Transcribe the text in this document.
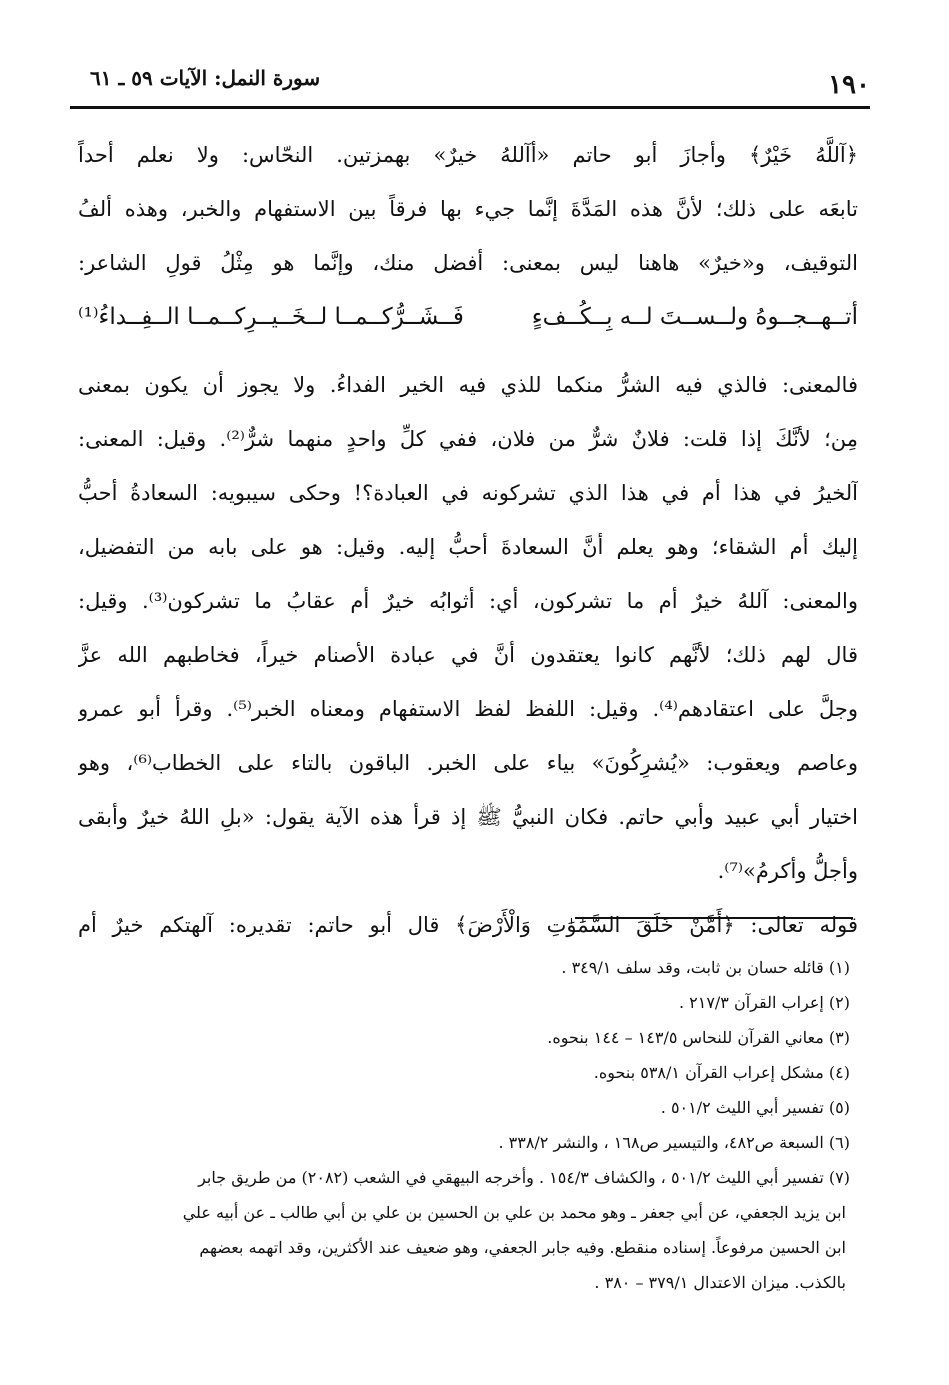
١٩٠
سورة النمل: الآيات ٥٩ ـ ٦١
﴿آللَّهُ خَيْرٌ﴾ وأجازَ أبو حاتم «أآللهُ خيرٌ» بهمزتين. النحّاس: ولا نعلم أحداً
تابعَه على ذلك؛ لأنَّ هذه المَدَّةَ إنَّما جيء بها فرقاً بين الاستفهام والخبر، وهذه ألفُ
التوقيف، و«خيرٌ» هاهنا ليس بمعنى: أفضل منك، وإنَّما هو مِثْلُ قولِ الشاعر:
أتــهــجــوهُ ولــســتَ لــه بِــكُــفءٍ
فَــشَــرُّكــمــا لــخَــيــرِكــمــا الــفِــداءُ⁽¹⁾
فالمعنى: فالذي فيه الشرُّ منكما للذي فيه الخير الفداءُ. ولا يجوز أن يكون بمعنى
مِن؛ لأنَّكَ إذا قلت: فلانٌ شرٌّ من فلان، ففي كلِّ واحدٍ منهما شرٌّ⁽²⁾. وقيل: المعنى:
آلخيرُ في هذا أم في هذا الذي تشركونه في العبادة؟! وحكى سيبويه: السعادةُ أحبُّ
إليك أم الشقاء؛ وهو يعلم أنَّ السعادةَ أحبُّ إليه. وقيل: هو على بابه من التفضيل،
والمعنى: آللهُ خيرٌ أم ما تشركون، أي: أثوابُه خيرٌ أم عقابُ ما تشركون⁽³⁾. وقيل:
قال لهم ذلك؛ لأنَّهم كانوا يعتقدون أنَّ في عبادة الأصنام خيراً، فخاطبهم الله عزَّ
وجلَّ على اعتقادهم⁽⁴⁾. وقيل: اللفظ لفظ الاستفهام ومعناه الخبر⁽⁵⁾. وقرأ أبو عمرو
وعاصم ويعقوب: «يُشرِكُونَ» بياء على الخبر. الباقون بالتاء على الخطاب⁽⁶⁾، وهو
اختيار أبي عبيد وأبي حاتم. فكان النبيُّ ﷺ إذ قرأ هذه الآية يقول: «بلِ اللهُ خيرٌ وأبقى
وأجلُّ وأكرمُ»⁽⁷⁾.
قوله تعالى: ﴿أَمَّنْ خَلَقَ السَّمَٰوَٰتِ وَالْأَرْضَ﴾ قال أبو حاتم: تقديره: آلهتكم خيرٌ أم
(١) قائله حسان بن ثابت، وقد سلف ٣٤٩/١ .
(٢) إعراب القرآن ٢١٧/٣ .
(٣) معاني القرآن للنحاس ١٤٣/٥ – ١٤٤ بنحوه.
(٤) مشكل إعراب القرآن ٥٣٨/١ بنحوه.
(٥) تفسير أبي الليث ٥٠١/٢ .
(٦) السبعة ص٤٨٢، والتيسير ص١٦٨ ، والنشر ٣٣٨/٢ .
(٧) تفسير أبي الليث ٥٠١/٢ ، والكشاف ١٥٤/٣ . وأخرجه البيهقي في الشعب (٢٠٨٢) من طريق جابر
ابن يزيد الجعفي، عن أبي جعفر ـ وهو محمد بن علي بن الحسين بن علي بن أبي طالب ـ عن أبيه علي
ابن الحسين مرفوعاً. إسناده منقطع. وفيه جابر الجعفي، وهو ضعيف عند الأكثرين، وقد اتهمه بعضهم
بالكذب. ميزان الاعتدال ٣٧٩/١ – ٣٨٠ .
